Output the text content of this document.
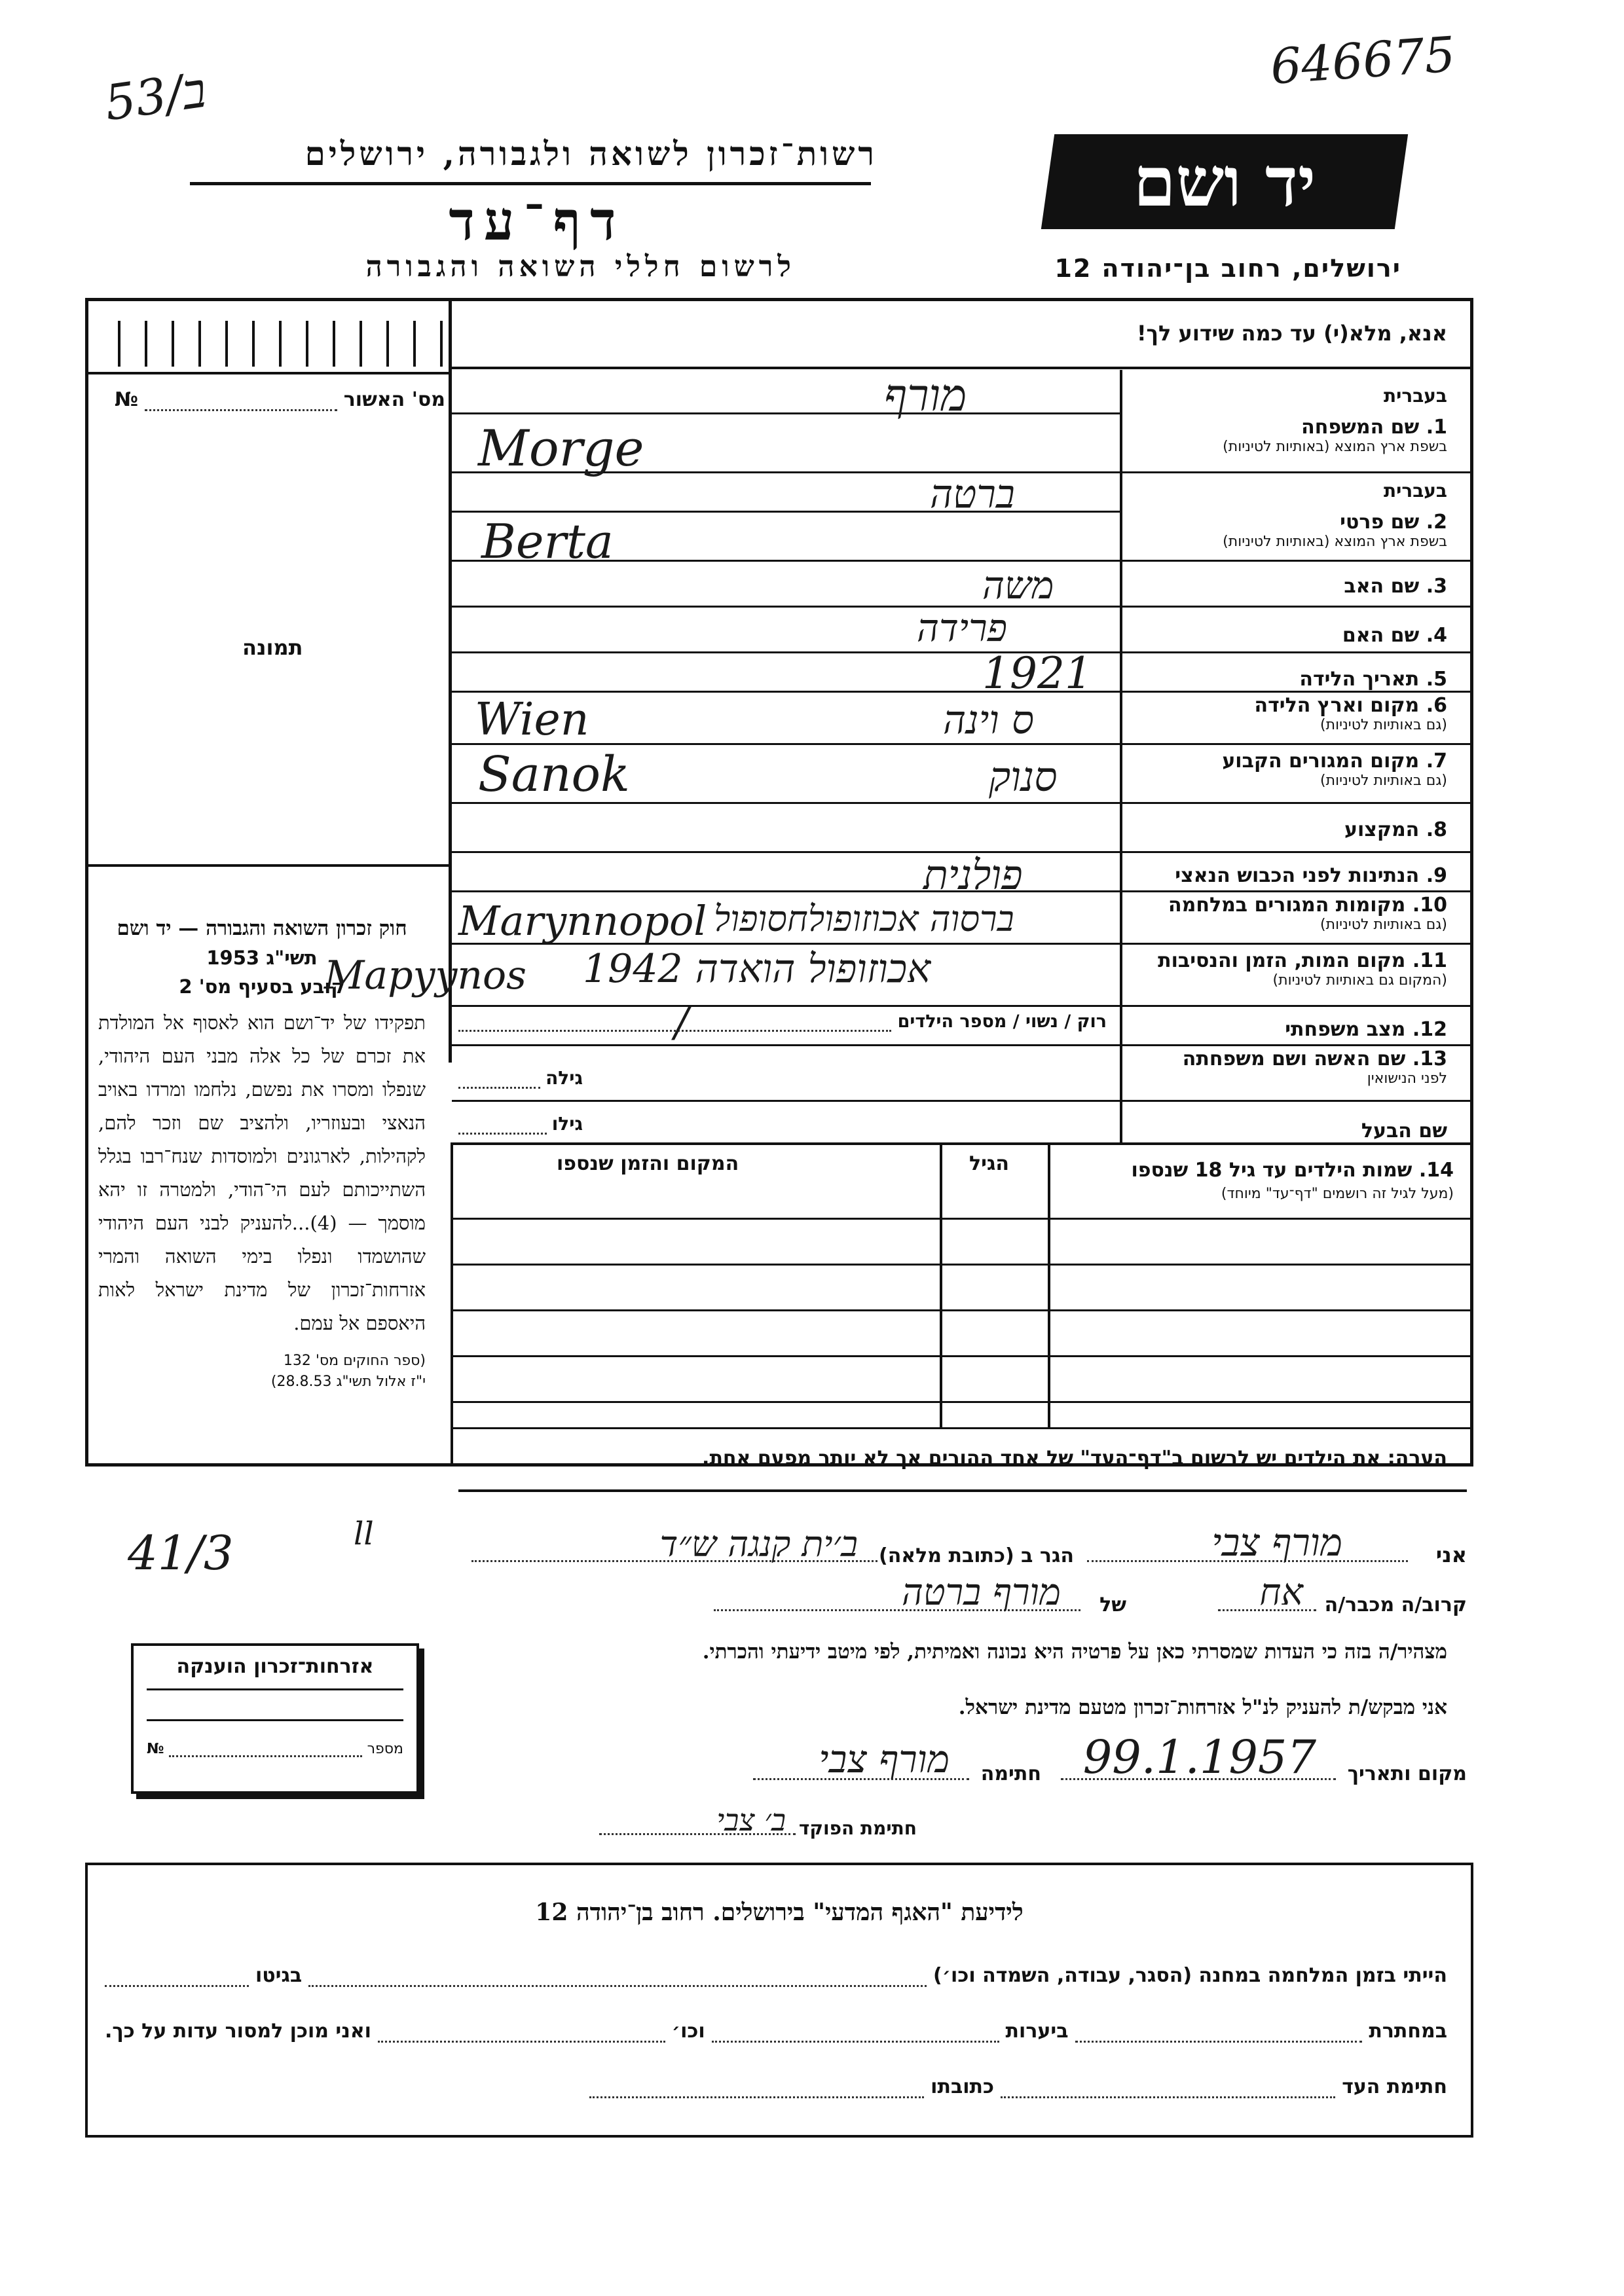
53/ב	646675
רשות־זכרון לשואה ולגבורה, ירושלים
דף־עד
לרשום חללי השואה והגבורה
יד ושם
ירושלים, רחוב בן־יהודה 12
מס' האשור
№
תמונה
חוק זכרון השואה והגבורה — יד ושם
תשי"ג 1953
קובע בסעיף מס' 2
תפקידו של יד־ושם הוא לאסוף אל המולדת את זכרם של כל אלה מבני העם היהודי, שנפלו ומסרו את נפשם, נלחמו ומרדו באויב הנאצי ובעוזריו, ולהציב שם וזכר להם, לקהילות, לארגונים ולמוסדות שנח־רבו בגלל השתייכותם לעם הי־הודי, ולמטרה זו יהא מוסמך — (4)...להעניק לבני העם היהודי שהושמדו ונפלו בימי השואה והמרי אזרחות־זכרון של מדינת ישראל לאות היאספם אל עמם.
(ספר החוקים מס' 132
י"ז אלול תשי"ג 28.8.53)
אנא, מלא(י) עד כמה שידוע לך!
בעברית
1. שם המשפחה
בשפת ארץ המוצא (באותיות לטיניות)
בעברית
2. שם פרטי
בשפת ארץ המוצא (באותיות לטיניות)
3. שם האב
4. שם האם
5. תאריך הלידה
6. מקום וארץ הלידה
(גם באותיות לטיניות)
7. מקום המגורים הקבוע
(גם באותיות לטיניות)
8. המקצוע
9. הנתינות לפני הכבוש הנאצי
10. מקומות המגורים במלחמה
(גם באותיות לטיניות)
11. מקום המות, הזמן והנסיבות
(המקום גם באותיות לטיניות)
12. מצב משפחתי
13. שם האשה ושם משפחתה
לפני הנישואין
שם הבעל
מורף
Morge
ברטה
Berta
משה
פרידה
1921
ס וינה
Wien
סנוק
Sanok
פולנית
Marynnopol ברסוה אכוזופולחסופול
Mapyynos אכוזופול הואדה 1942
רוק / נשוי / מספר הילדים
/
גילה
גילו
14. שמות הילדים עד גיל 18 שנספו
(מעל לגיל זה רושמים "דף־עד" מיוחד)
הגיל
המקום והזמן שנספו
הערה: את הילדים יש לרשום ב"דף־העד" של אחד ההורים אך לא יותר מפעם אחת.
41/3	ll
אני
מורף צבי
הגר ב (כתובת מלאה)
ב׳ית קנגה ש״ד
קרוב/ה מכבר/ה
אח
של
מורף ברטה
מצהיר/ה בזה כי העדות שמסרתי כאן על פרטיה היא נכונה ואמיתית, לפי מיטב ידיעתי והכרתי.
אני מבקש/ת להעניק לנ"ל אזרחות־זכרון מטעם מדינת ישראל.
מקום ותאריך
99.1.1957
חתימה
מורף צבי
חתימת הפוקד
ב׳ צבי
אזרחות־זכרון הוענקה
מספר
№
לידיעת "האגף המדעי" בירושלים. רחוב בן־יהודה 12
הייתי בזמן המלחמה במחנה (הסגר, עבודה, השמדה וכו׳)
בגיטו
במחתרת
ביערות
וכו׳
ואני מוכן למסור עדות על כך.
חתימת העד
כתובתו
